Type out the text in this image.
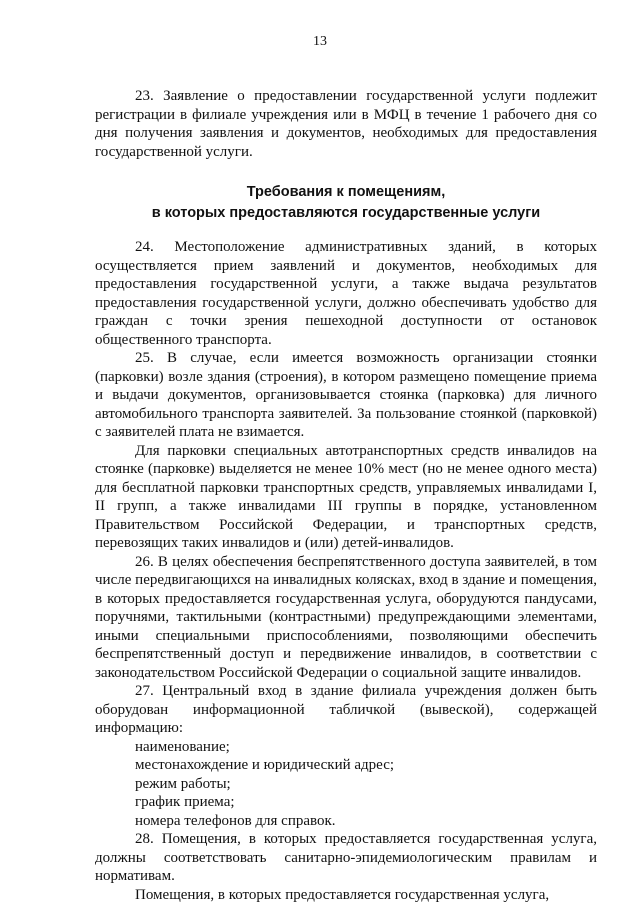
13

23. Заявление о предоставлении государственной услуги подлежит регистрации в филиале учреждения или в МФЦ в течение 1 рабочего дня со дня получения заявления и документов, необходимых для предоставления государственной услуги.

Требования к помещениям,
в которых предоставляются государственные услуги

24. Местоположение административных зданий, в которых осуществляется прием заявлений и документов, необходимых для предоставления государственной услуги, а также выдача результатов предоставления государственной услуги, должно обеспечивать удобство для граждан с точки зрения пешеходной доступности от остановок общественного транспорта.

25. В случае, если имеется возможность организации стоянки (парковки) возле здания (строения), в котором размещено помещение приема и выдачи документов, организовывается стоянка (парковка) для личного автомобильного транспорта заявителей. За пользование стоянкой (парковкой) с заявителей плата не взимается.

Для парковки специальных автотранспортных средств инвалидов на стоянке (парковке) выделяется не менее 10% мест (но не менее одного места) для бесплатной парковки транспортных средств, управляемых инвалидами I, II групп, а также инвалидами III группы в порядке, установленном Правительством Российской Федерации, и транспортных средств, перевозящих таких инвалидов и (или) детей-инвалидов.

26. В целях обеспечения беспрепятственного доступа заявителей, в том числе передвигающихся на инвалидных колясках, вход в здание и помещения, в которых предоставляется государственная услуга, оборудуются пандусами, поручнями, тактильными (контрастными) предупреждающими элементами, иными специальными приспособлениями, позволяющими обеспечить беспрепятственный доступ и передвижение инвалидов, в соответствии с законодательством Российской Федерации о социальной защите инвалидов.

27. Центральный вход в здание филиала учреждения должен быть оборудован информационной табличкой (вывеской), содержащей информацию:

наименование;

местонахождение и юридический адрес;

режим работы;

график приема;

номера телефонов для справок.

28. Помещения, в которых предоставляется государственная услуга, должны соответствовать санитарно-эпидемиологическим правилам и нормативам.

Помещения, в которых предоставляется государственная услуга,
